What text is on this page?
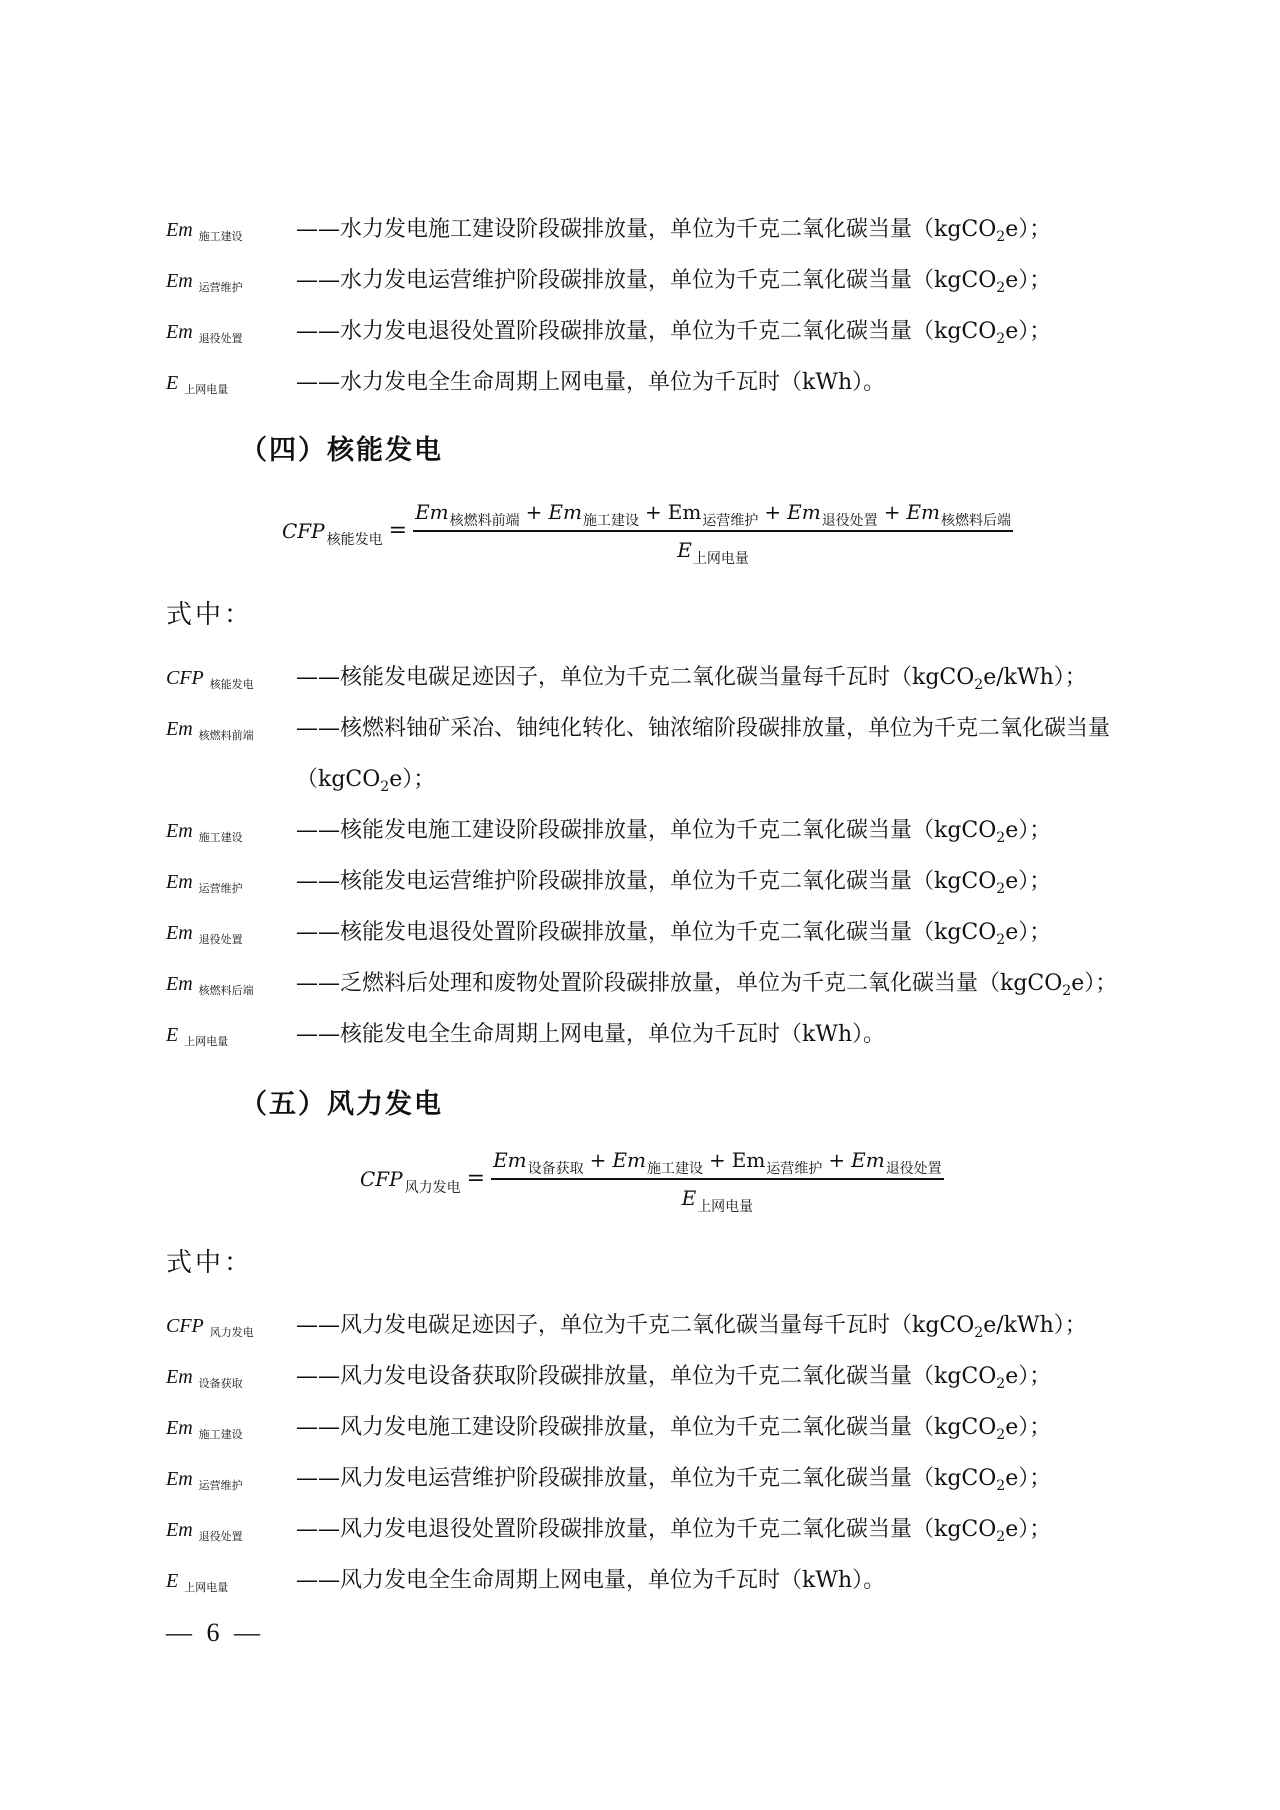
Em 施工建设	——水力发电施工建设阶段碳排放量，单位为千克二氧化碳当量（kgCO$_2$e）；
Em 运营维护	——水力发电运营维护阶段碳排放量，单位为千克二氧化碳当量（kgCO$_2$e）；
Em 退役处置	——水力发电退役处置阶段碳排放量，单位为千克二氧化碳当量（kgCO$_2$e）；
E上网电量	——水力发电全生命周期上网电量，单位为千瓦时（kWh）。
（四）核能发电
CFP $_{核能发电} = \frac{Em_{核燃料前端} + Em_{施工建设} + Em_{运营维护} + Em_{退役处置} + Em_{核燃料后端}}{E_{上网电量}}$
式中：
CFP 核能发电	——核能发电碳足迹因子，单位为千克二氧化碳当量每千瓦时（kgCO$_2$e/kWh）；
Em 核燃料前端	——核燃料铀矿采冶、铀纯化转化、铀浓缩阶段碳排放量，单位为千克二氧化碳当量（kgCO$_2$e）；
Em 施工建设	——核能发电施工建设阶段碳排放量，单位为千克二氧化碳当量（kgCO$_2$e）；
Em 运营维护	——核能发电运营维护阶段碳排放量，单位为千克二氧化碳当量（kgCO$_2$e）；
Em 退役处置	——核能发电退役处置阶段碳排放量，单位为千克二氧化碳当量（kgCO$_2$e）；
Em 核燃料后端	——乏燃料后处理和废物处置阶段碳排放量，单位为千克二氧化碳当量（kgCO$_2$e）；
E上网电量	——核能发电全生命周期上网电量，单位为千瓦时（kWh）。
（五）风力发电
CFP $_{风力发电} = \frac{Em_{设备获取} + Em_{施工建设} + Em_{运营维护} + Em_{退役处置}}{E_{上网电量}}$
式中：
CFP 风力发电	——风力发电碳足迹因子，单位为千克二氧化碳当量每千瓦时（kgCO$_2$e/kWh）；
Em 设备获取	——风力发电设备获取阶段碳排放量，单位为千克二氧化碳当量（kgCO$_2$e）；
Em 施工建设	——风力发电施工建设阶段碳排放量，单位为千克二氧化碳当量（kgCO$_2$e）；
Em 运营维护	——风力发电运营维护阶段碳排放量，单位为千克二氧化碳当量（kgCO$_2$e）；
Em 退役处置	——风力发电退役处置阶段碳排放量，单位为千克二氧化碳当量（kgCO$_2$e）；
E上网电量	——风力发电全生命周期上网电量，单位为千瓦时（kWh）。
— 6 —
